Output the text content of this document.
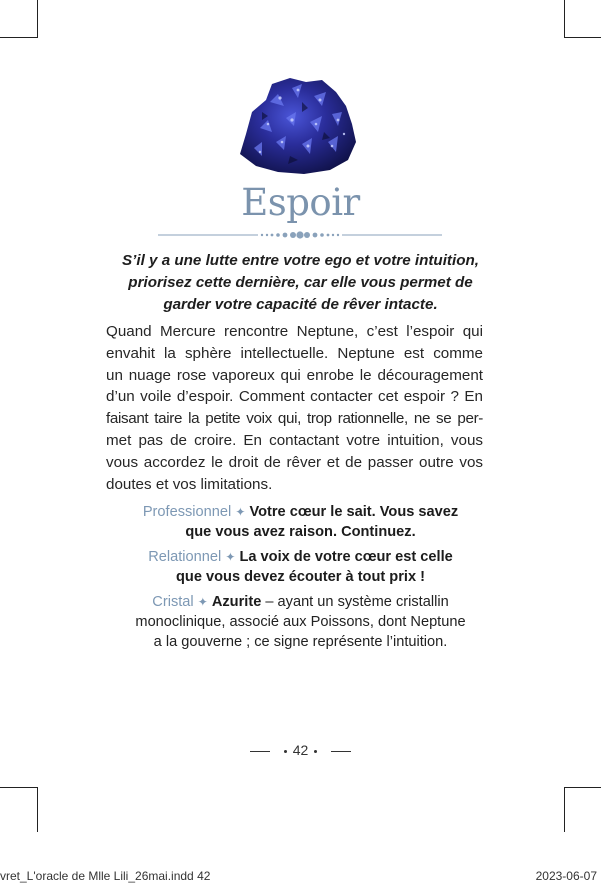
Espoir
S’il y a une lutte entre votre ego et votre intuition,
priorisez cette dernière, car elle vous permet de
garder votre capacité de rêver intacte.
Quand Mercure rencontre Neptune, c’est l’espoir qui
envahit la sphère intellectuelle. Neptune est comme
un nuage rose vaporeux qui enrobe le découragement
d’un voile d’espoir. Comment contacter cet espoir ? En
faisant taire la petite voix qui, trop rationnelle, ne se per-
met pas de croire. En contactant votre intuition, vous
vous accordez le droit de rêver et de passer outre vos
doutes et vos limitations.
Professionnel ✦ Votre cœur le sait. Vous savez
que vous avez raison. Continuez.
Relationnel ✦ La voix de votre cœur est celle
que vous devez écouter à tout prix !
Cristal ✦ Azurite – ayant un système cristallin
monoclinique, associé aux Poissons, dont Neptune
a la gouverne ; ce signe représente l’intuition.
42
vret_L'oracle de Mlle Lili_26mai.indd 42	2023-06-07
